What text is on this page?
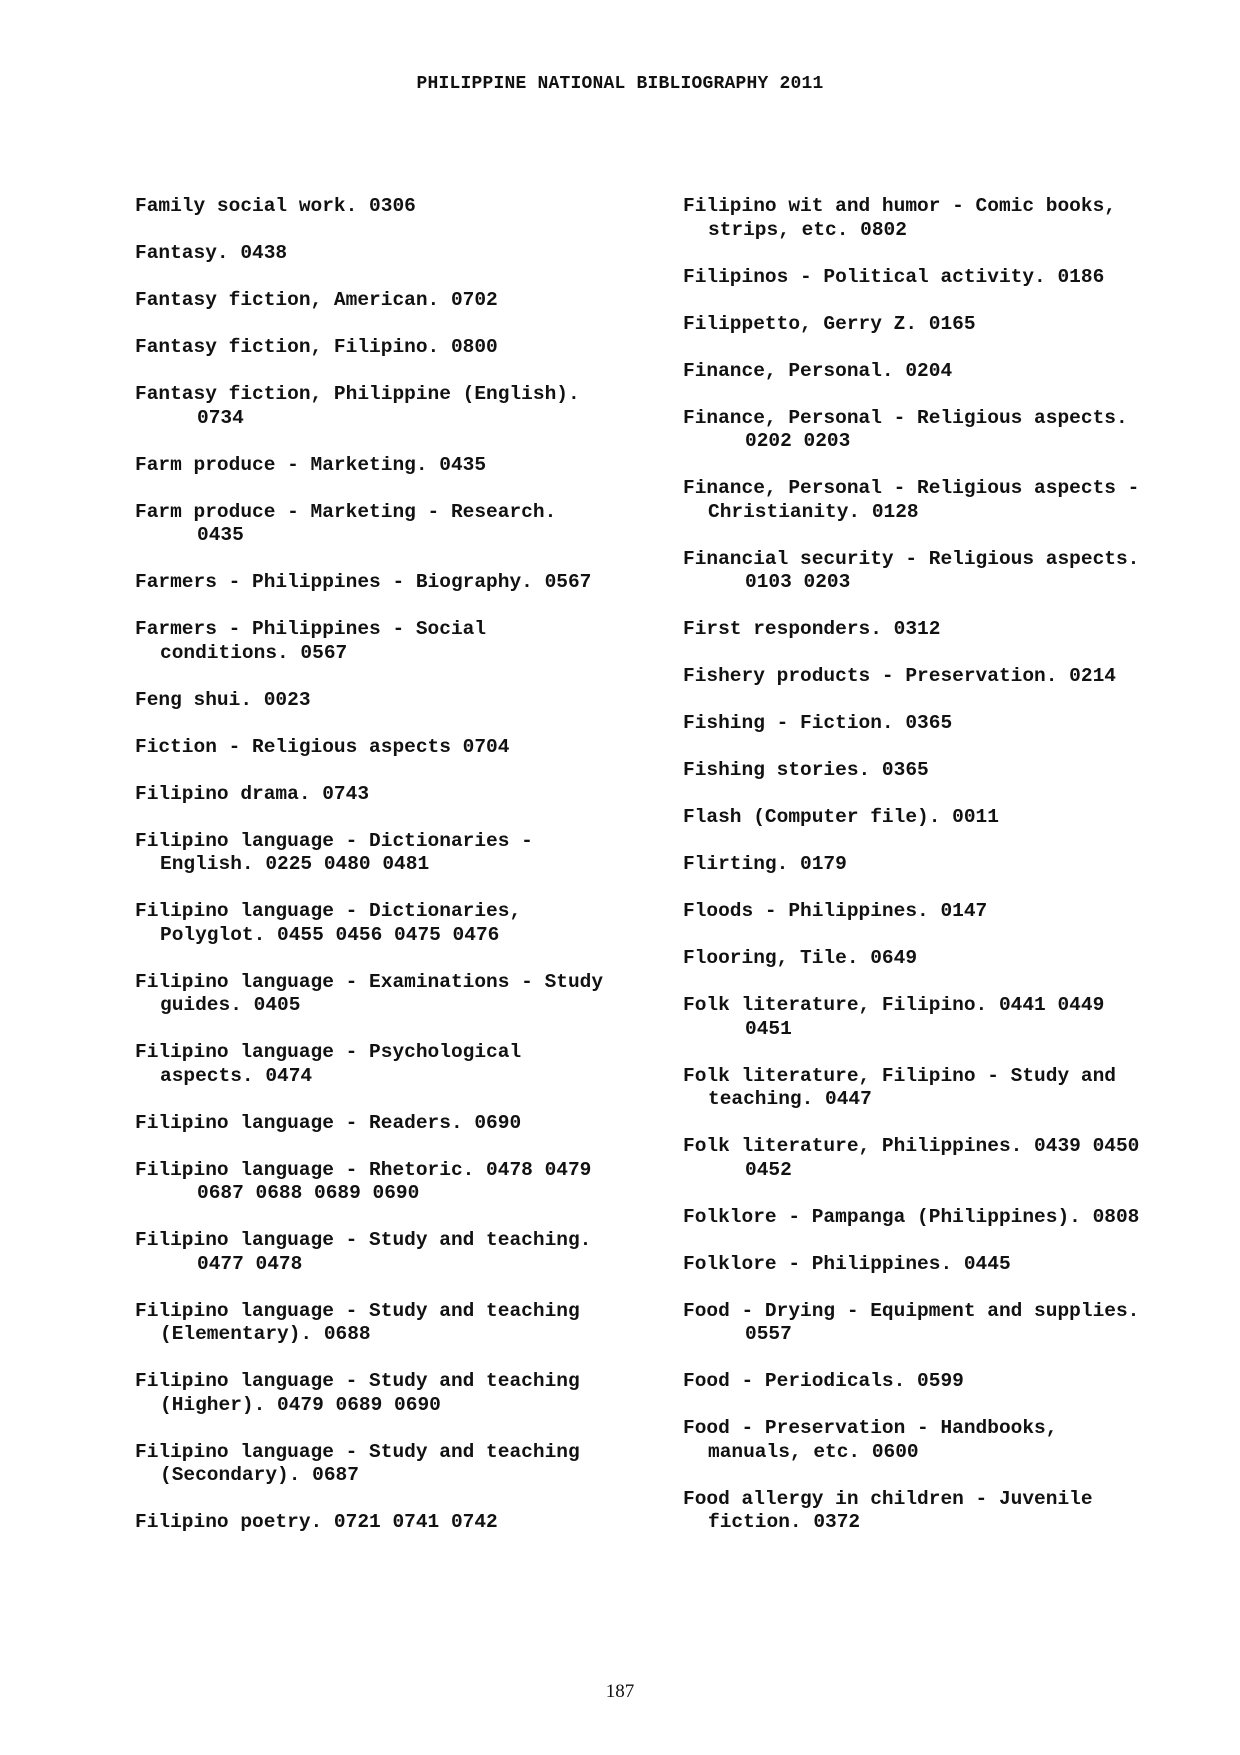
PHILIPPINE NATIONAL BIBLIOGRAPHY 2011
Family social work. 0306
Fantasy. 0438
Fantasy fiction, American. 0702
Fantasy fiction, Filipino. 0800
Fantasy fiction, Philippine (English).
0734
Farm produce - Marketing. 0435
Farm produce - Marketing - Research.
0435
Farmers - Philippines - Biography. 0567
Farmers - Philippines - Social
conditions. 0567
Feng shui. 0023
Fiction - Religious aspects 0704
Filipino drama. 0743
Filipino language - Dictionaries -
English. 0225 0480 0481
Filipino language - Dictionaries,
Polyglot. 0455 0456 0475 0476
Filipino language - Examinations - Study
guides. 0405
Filipino language - Psychological
aspects. 0474
Filipino language - Readers. 0690
Filipino language - Rhetoric. 0478 0479
0687 0688 0689 0690
Filipino language - Study and teaching.
0477 0478
Filipino language - Study and teaching
(Elementary). 0688
Filipino language - Study and teaching
(Higher). 0479 0689 0690
Filipino language - Study and teaching
(Secondary). 0687
Filipino poetry. 0721 0741 0742
Filipino wit and humor - Comic books,
strips, etc. 0802
Filipinos - Political activity. 0186
Filippetto, Gerry Z. 0165
Finance, Personal. 0204
Finance, Personal - Religious aspects.
0202 0203
Finance, Personal - Religious aspects -
Christianity. 0128
Financial security - Religious aspects.
0103 0203
First responders. 0312
Fishery products - Preservation. 0214
Fishing - Fiction. 0365
Fishing stories. 0365
Flash (Computer file). 0011
Flirting. 0179
Floods - Philippines. 0147
Flooring, Tile. 0649
Folk literature, Filipino. 0441 0449
0451
Folk literature, Filipino - Study and
teaching. 0447
Folk literature, Philippines. 0439 0450
0452
Folklore - Pampanga (Philippines). 0808
Folklore - Philippines. 0445
Food - Drying - Equipment and supplies.
0557
Food - Periodicals. 0599
Food - Preservation - Handbooks,
manuals, etc. 0600
Food allergy in children - Juvenile
fiction. 0372
187
